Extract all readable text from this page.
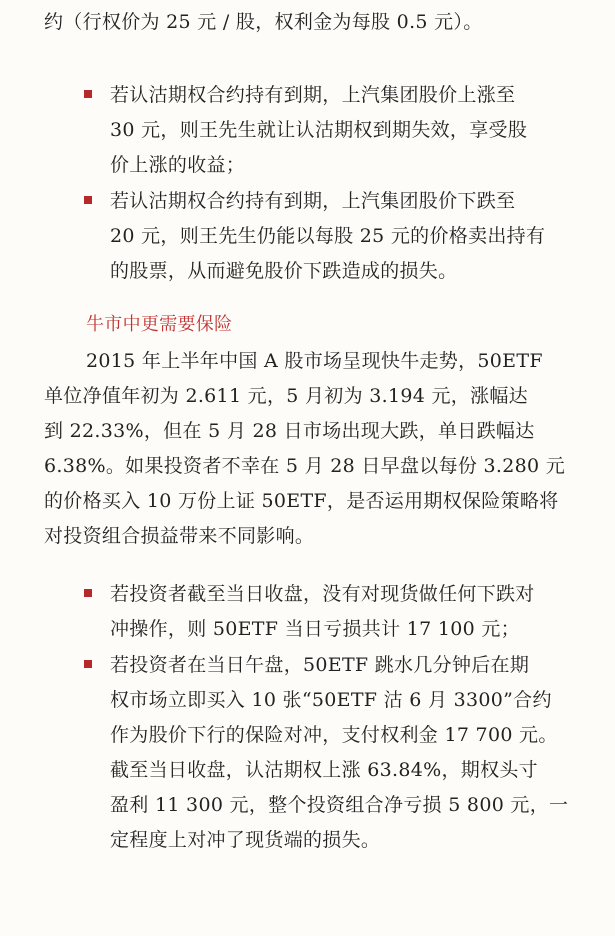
约（行权价为 25 元 / 股，权利金为每股 0.5 元）。
若认沽期权合约持有到期，上汽集团股价上涨至
30 元，则王先生就让认沽期权到期失效，享受股
价上涨的收益；
若认沽期权合约持有到期，上汽集团股价下跌至
20 元，则王先生仍能以每股 25 元的价格卖出持有
的股票，从而避免股价下跌造成的损失。
牛市中更需要保险
2015 年上半年中国 A 股市场呈现快牛走势，50ETF
单位净值年初为 2.611 元，5 月初为 3.194 元，涨幅达
到 22.33%，但在 5 月 28 日市场出现大跌，单日跌幅达
6.38%。如果投资者不幸在 5 月 28 日早盘以每份 3.280 元
的价格买入 10 万份上证 50ETF，是否运用期权保险策略将
对投资组合损益带来不同影响。
若投资者截至当日收盘，没有对现货做任何下跌对
冲操作，则 50ETF 当日亏损共计 17 100 元；
若投资者在当日午盘，50ETF 跳水几分钟后在期
权市场立即买入 10 张“50ETF 沽 6 月 3300”合约
作为股价下行的保险对冲，支付权利金 17 700 元。
截至当日收盘，认沽期权上涨 63.84%，期权头寸
盈利 11 300 元，整个投资组合净亏损 5 800 元，一
定程度上对冲了现货端的损失。
